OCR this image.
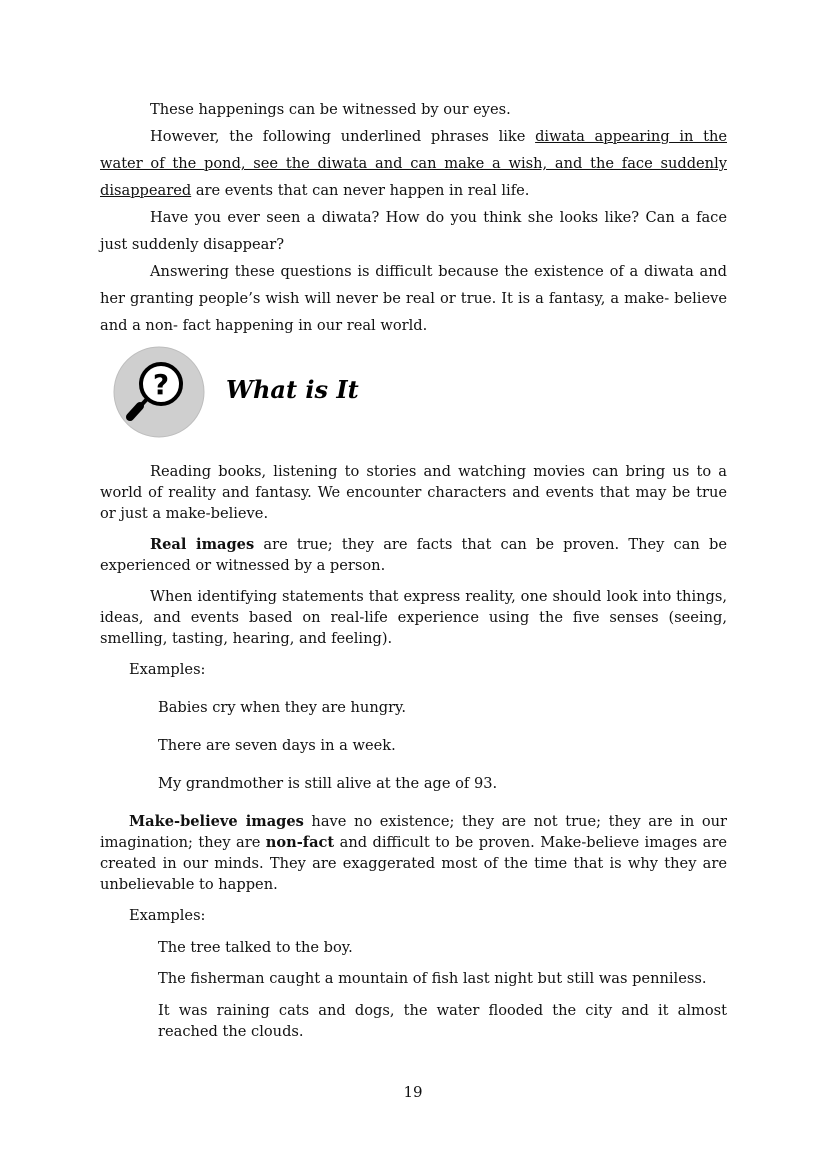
These happenings can be witnessed by our eyes.

However, the following underlined phrases like diwata appearing in the water of the pond, see the diwata and can make a wish, and the face suddenly disappeared are events that can never happen in real life.

Have you ever seen a diwata? How do you think she looks like? Can a face just suddenly disappear?

Answering these questions is difficult because the existence of a diwata and her granting people’s wish will never be real or true. It is a fantasy, a make- believe and a non- fact happening in our real world.

? What is It

Reading books, listening to stories and watching movies can bring us to a world of reality and fantasy. We encounter characters and events that may be true or just a make-believe.

Real images are true; they are facts that can be proven. They can be experienced or witnessed by a person.

When identifying statements that express reality, one should look into things, ideas, and events based on real-life experience using the five senses (seeing, smelling, tasting, hearing, and feeling).

Examples:

Babies cry when they are hungry.

There are seven days in a week.

My grandmother is still alive at the age of 93.

Make-believe images have no existence; they are not true; they are in our imagination; they are non-fact and difficult to be proven. Make-believe images are created in our minds. They are exaggerated most of the time that is why they are unbelievable to happen.

Examples:

The tree talked to the boy.

The fisherman caught a mountain of fish last night but still was penniless.

It was raining cats and dogs, the water flooded the city and it almost reached the clouds.

19
